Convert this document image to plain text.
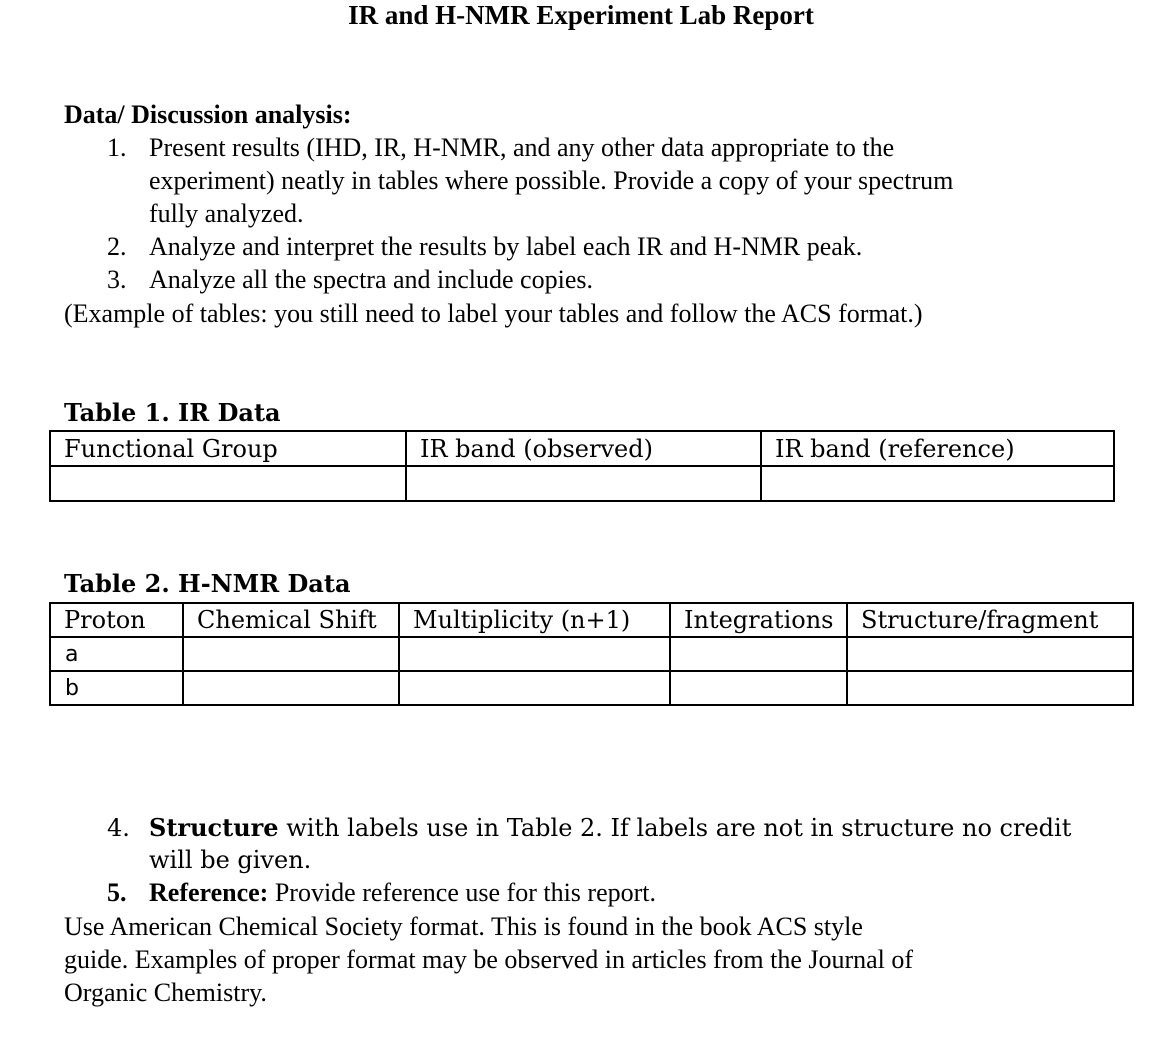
IR and H-NMR Experiment Lab Report
Data/ Discussion analysis:
1. Present results (IHD, IR, H-NMR, and any other data appropriate to the
experiment) neatly in tables where possible. Provide a copy of your spectrum
fully analyzed.
2. Analyze and interpret the results by label each IR and H-NMR peak.
3. Analyze all the spectra and include copies.
(Example of tables: you still need to label your tables and follow the ACS format.)
Table 1. IR Data
Functional Group	IR band (observed)	IR band (reference)

Table 2. H-NMR Data
Proton	Chemical Shift	Multiplicity (n+1)	Integrations	Structure/fragment
a				
b				
4. Structure with labels use in Table 2. If labels are not in structure no credit
will be given.
5. Reference: Provide reference use for this report.
Use American Chemical Society format. This is found in the book ACS style
guide. Examples of proper format may be observed in articles from the Journal of
Organic Chemistry.
